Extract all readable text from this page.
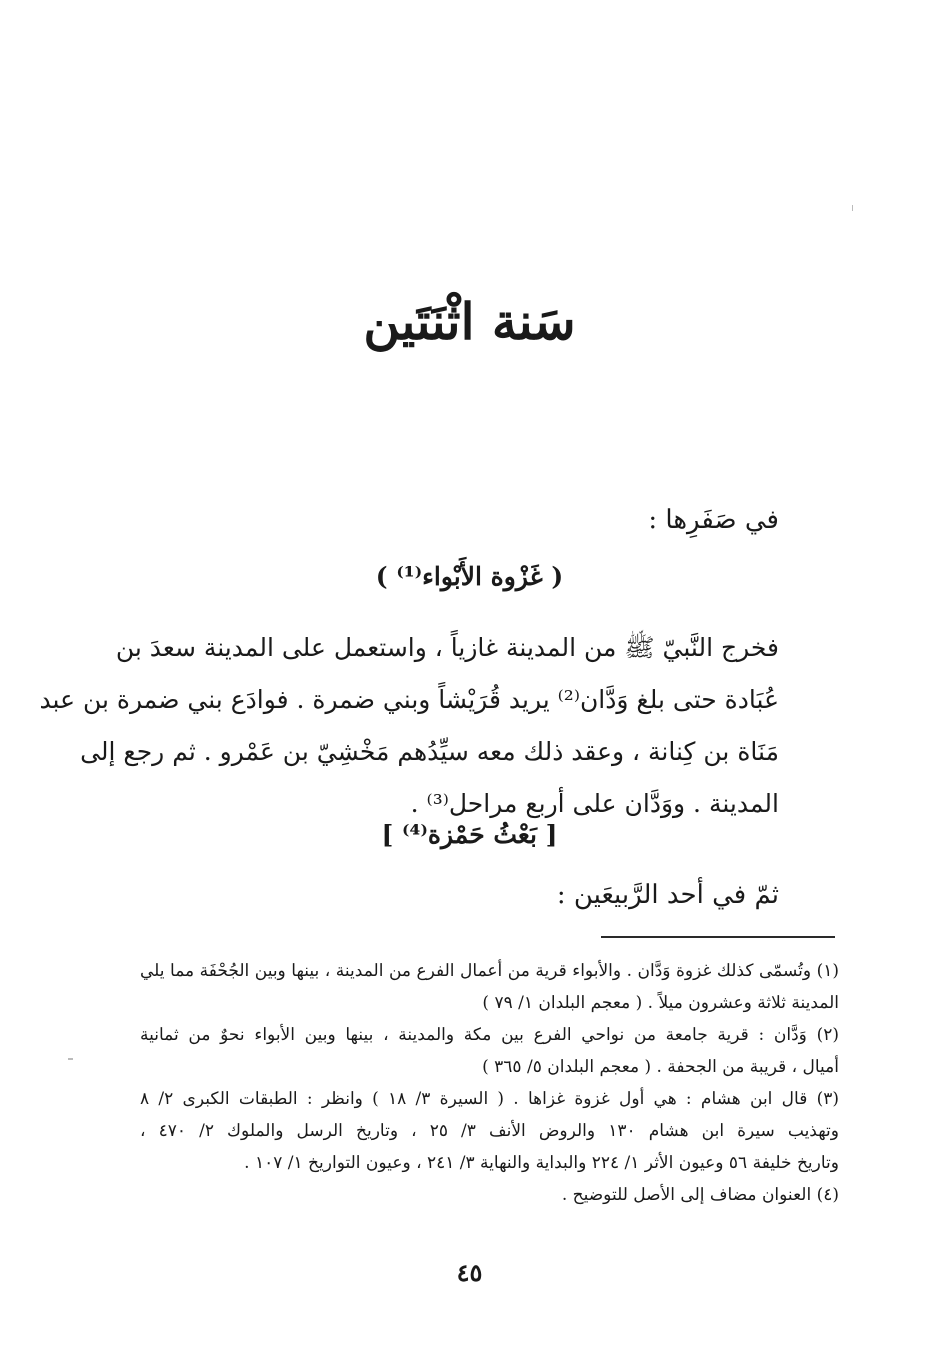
سَنة اثْنَتَين
في صَفَرِها :
( غَزْوة الأَبْواء⁽¹⁾ )
فخرج النَّبيّ ﷺ من المدينة غازياً ، واستعمل على المدينة سعدَ بن
عُبَادة حتى بلغ وَدَّان⁽²⁾ يريد قُرَيْشاً وبني ضمرة . فوادَع بني ضمرة بن عبد
مَنَاة بن كِنانة ، وعقد ذلك معه سيِّدُهم مَخْشِيّ بن عَمْرو . ثم رجع إلى
المدينة . ووَدَّان على أربع مراحل⁽³⁾ .
[ بَعْثُ حَمْزة⁽⁴⁾ ]
ثمّ في أحد الرَّبيعَين :
(١) وتُسمّى كذلك غزوة وَدَّان . والأبواء قرية من أعمال الفرع من المدينة ، بينها وبين الجُحْفَة مما يلي
المدينة ثلاثة وعشرون ميلاً . ( معجم البلدان ١/ ٧٩ )
(٢) وَدَّان : قرية جامعة من نواحي الفرع بين مكة والمدينة ، بينها وبين الأبواء نحوٌ من ثمانية
أميال ، قريبة من الجحفة . ( معجم البلدان ٥/ ٣٦٥ )
(٣) قال ابن هشام : هي أول غزوة غزاها . ( السيرة ٣/ ١٨ ) وانظر : الطبقات الكبرى ٢/ ٨
وتهذيب سيرة ابن هشام ١٣٠ والروض الأنف ٣/ ٢٥ ، وتاريخ الرسل والملوك ٢/ ٤٧٠ ،
وتاريخ خليفة ٥٦ وعيون الأثر ١/ ٢٢٤ والبداية والنهاية ٣/ ٢٤١ ، وعيون التواريخ ١/ ١٠٧ .
(٤) العنوان مضاف إلى الأصل للتوضيح .
٤٥
